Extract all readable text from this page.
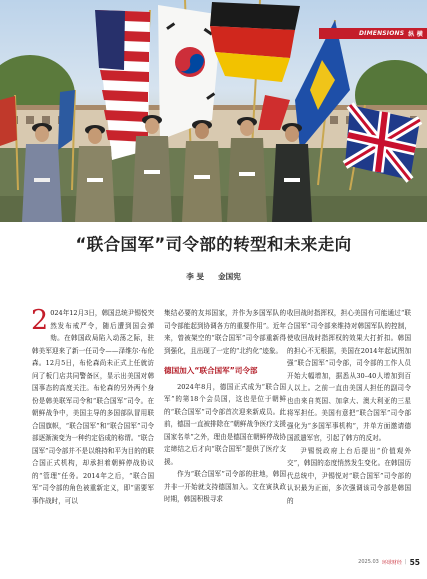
DIMENSIONS 纵 横
“联合国军”司令部的转型和未来走向
李 旻 金国宪

2 024年12月3日，韩国总统尹锡悦突然发布戒严令，随后遭到国会弹劾。在韩国政局陷入动荡之际，驻韩美军迎来了新一任司令——泽维尔·布伦森。12月5日，布伦森尚未正式上任就访问了板门店共同警备区，显示出美国对韩国事态的高度关注。布伦森的另外两个身份是韩美联军司令和“联合国军”司令。在朝鲜战争中，美国主导的多国部队冒用联合国旗帜，“联合国军”和“联合国军”司令部逐渐演变为一种约定俗成的称谓。“联合国军”司令部并不是以维持和平为目的的联合国正式机构，却承担着朝鲜停战协议的“管理”任务。2014年之后，“联合国军”司令部的角色被重新定义，即“需要军事作战时，可以

集结必要的友邦国家，并作为多国军队的司令部能起到协调各方的重要作用”。近年来，曾被架空的“联合国军”司令部重新得到强化，且出现了一定的“北约化”迹象。

德国加入“联合国军”司令部

2024年8月，德国正式成为“联合国军”的第18个会员国，这也是位于朝鲜的“联合国军”司令部首次迎来新成员。此前，德国一直被排除在“朝鲜战争医疗支援国家名单”之外，理由是德国在朝鲜停战协定缔结之后才向“联合国军”提供了医疗支援。

作为“联合国军”司令部的驻地，韩国并非一开始就支持德国加入。文在寅执政时期，韩国积极寻求

收回战时指挥权，担心美国有可能通过“联合国军”司令部来维持对韩国军队的控制，使收回战时指挥权的效果大打折扣。韩国的担心不无根据，美国在2014年起试图加强“联合国军”司令部，司令部的工作人员开始大幅增加，据悉从30–40人增加到百人以上。之前一直由美国人担任的副司令也由来自英国、加拿大、澳大利亚的三星将军担任。美国有意把“联合国军”司令部强化为“多国军事机构”，并单方面邀请德国派遣军官，引起了韩方的反对。

尹锡悦政府上台后提出“价值观外交”，韩国的态度悄然发生变化。在韩国历代总统中，尹锡悦对“联合国军”司令部的认识最为正面，多次强调该司令部是韩国的

2025.03 环球财经 | 55
